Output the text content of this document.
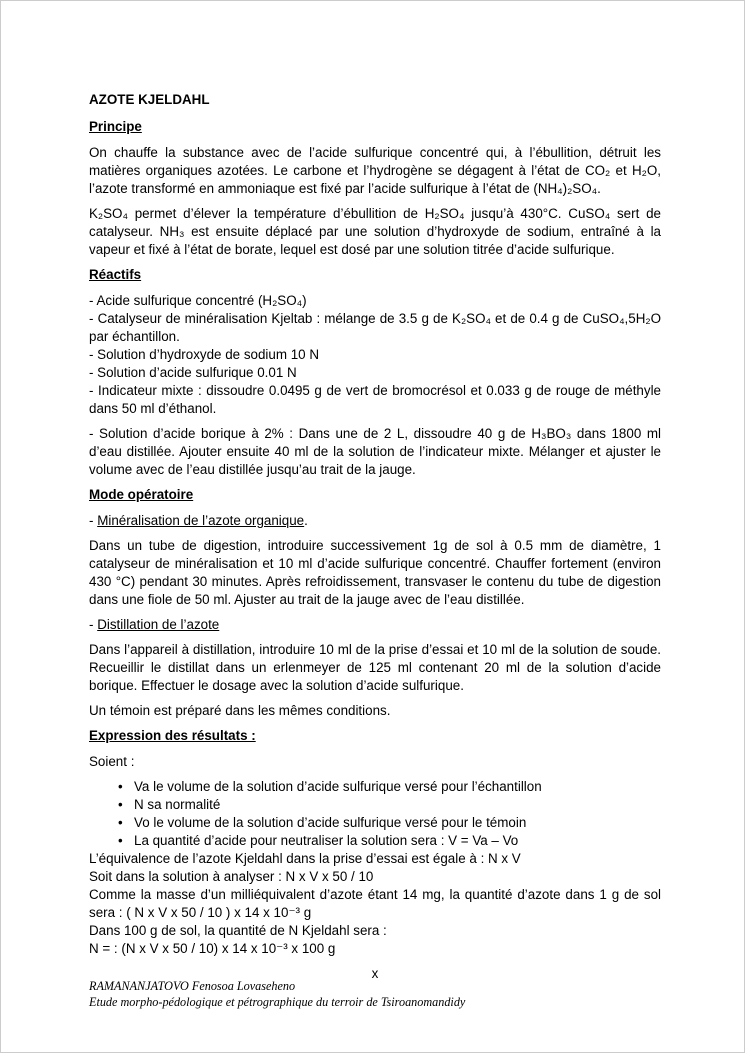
AZOTE KJELDAHL
Principe

On chauffe la substance avec de l’acide sulfurique concentré qui, à l’ébullition, détruit les matières organiques azotées. Le carbone et l’hydrogène se dégagent à l’état de CO₂ et H₂O, l’azote transformé en ammoniaque est fixé par l’acide sulfurique à l’état de (NH₄)₂SO₄.

K₂SO₄ permet d’élever la température d’ébullition de H₂SO₄ jusqu’à 430°C. CuSO₄ sert de catalyseur. NH₃ est ensuite déplacé par une solution d’hydroxyde de sodium, entraîné à la vapeur et fixé à l’état de borate, lequel est dosé par une solution titrée d’acide sulfurique.

Réactifs
- Acide sulfurique concentré (H₂SO₄)
- Catalyseur de minéralisation Kjeltab : mélange de 3.5 g de K₂SO₄ et de 0.4 g de CuSO₄,5H₂O par échantillon.
- Solution d’hydroxyde de sodium 10 N
- Solution d’acide sulfurique 0.01 N
- Indicateur mixte : dissoudre 0.0495 g de vert de bromocrésol et 0.033 g de rouge de méthyle dans 50 ml d’éthanol.

- Solution d’acide borique à 2% : Dans une de 2 L, dissoudre 40 g de H₃BO₃ dans 1800 ml d’eau distillée. Ajouter ensuite 40 ml de la solution de l’indicateur mixte. Mélanger et ajuster le volume avec de l’eau distillée jusqu’au trait de la jauge.

Mode opératoire

- Minéralisation de l’azote organique.

Dans un tube de digestion, introduire successivement 1g de sol à 0.5 mm de diamètre, 1 catalyseur de minéralisation et 10 ml d’acide sulfurique concentré. Chauffer fortement (environ 430 °C) pendant 30 minutes. Après refroidissement, transvaser le contenu du tube de digestion dans une fiole de 50 ml. Ajuster au trait de la jauge avec de l’eau distillée.

- Distillation de l’azote

Dans l’appareil à distillation, introduire 10 ml de la prise d’essai et 10 ml de la solution de soude. Recueillir le distillat dans un erlenmeyer de 125 ml contenant 20 ml de la solution d’acide borique. Effectuer le dosage avec la solution d’acide sulfurique.

Un témoin est préparé dans les mêmes conditions.

Expression des résultats :

Soient :

• Va le volume de la solution d’acide sulfurique versé pour l’échantillon
• N sa normalité
• Vo le volume de la solution d’acide sulfurique versé pour le témoin
• La quantité d’acide pour neutraliser la solution sera : V = Va – Vo
L’équivalence de l’azote Kjeldahl dans la prise d’essai est égale à : N x V
Soit dans la solution à analyser : N x V x 50 / 10
Comme la masse d’un milliéquivalent d’azote étant 14 mg, la quantité d’azote dans 1 g de sol sera : ( N x V x 50 / 10 ) x 14 x 10⁻³ g
Dans 100 g de sol, la quantité de N Kjeldahl sera :
N = : (N x V x 50 / 10) x 14 x 10⁻³ x 100 g
x
RAMANANJATOVO Fenosoa Lovaseheno
Etude morpho-pédologique et pétrographique du terroir de Tsiroanomandidy
